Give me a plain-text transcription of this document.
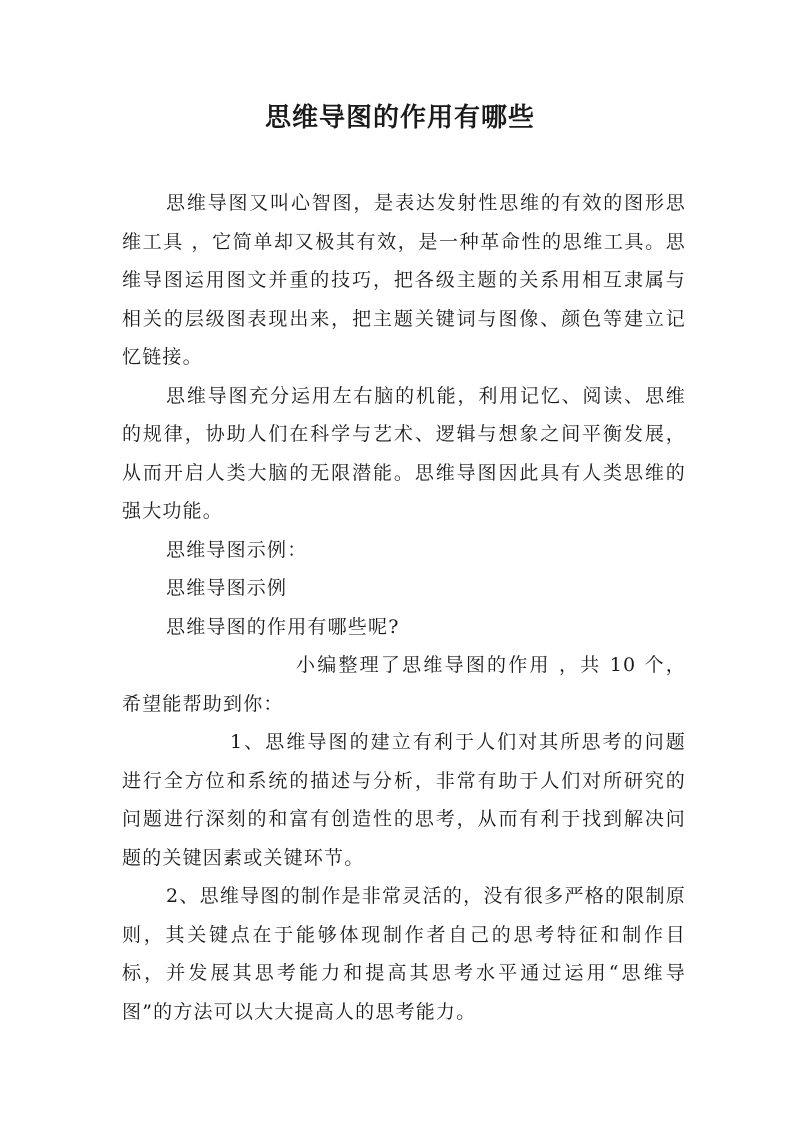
思维导图的作用有哪些

思维导图又叫心智图，是表达发射性思维的有效的图形思维工具 ，它简单却又极其有效，是一种革命性的思维工具。思维导图运用图文并重的技巧，把各级主题的关系用相互隶属与相关的层级图表现出来，把主题关键词与图像、颜色等建立记忆链接。

思维导图充分运用左右脑的机能，利用记忆、阅读、思维的规律，协助人们在科学与艺术、逻辑与想象之间平衡发展，从而开启人类大脑的无限潜能。思维导图因此具有人类思维的强大功能。

思维导图示例：

思维导图示例

思维导图的作用有哪些呢?

小编整理了思维导图的作用 ，共 10 个，希望能帮助到你：

1、思维导图的建立有利于人们对其所思考的问题进行全方位和系统的描述与分析，非常有助于人们对所研究的问题进行深刻的和富有创造性的思考，从而有利于找到解决问题的关键因素或关键环节。

2、思维导图的制作是非常灵活的，没有很多严格的限制原则，其关键点在于能够体现制作者自己的思考特征和制作目标，并发展其思考能力和提高其思考水平通过运用“思维导图”的方法可以大大提高人的思考能力。
